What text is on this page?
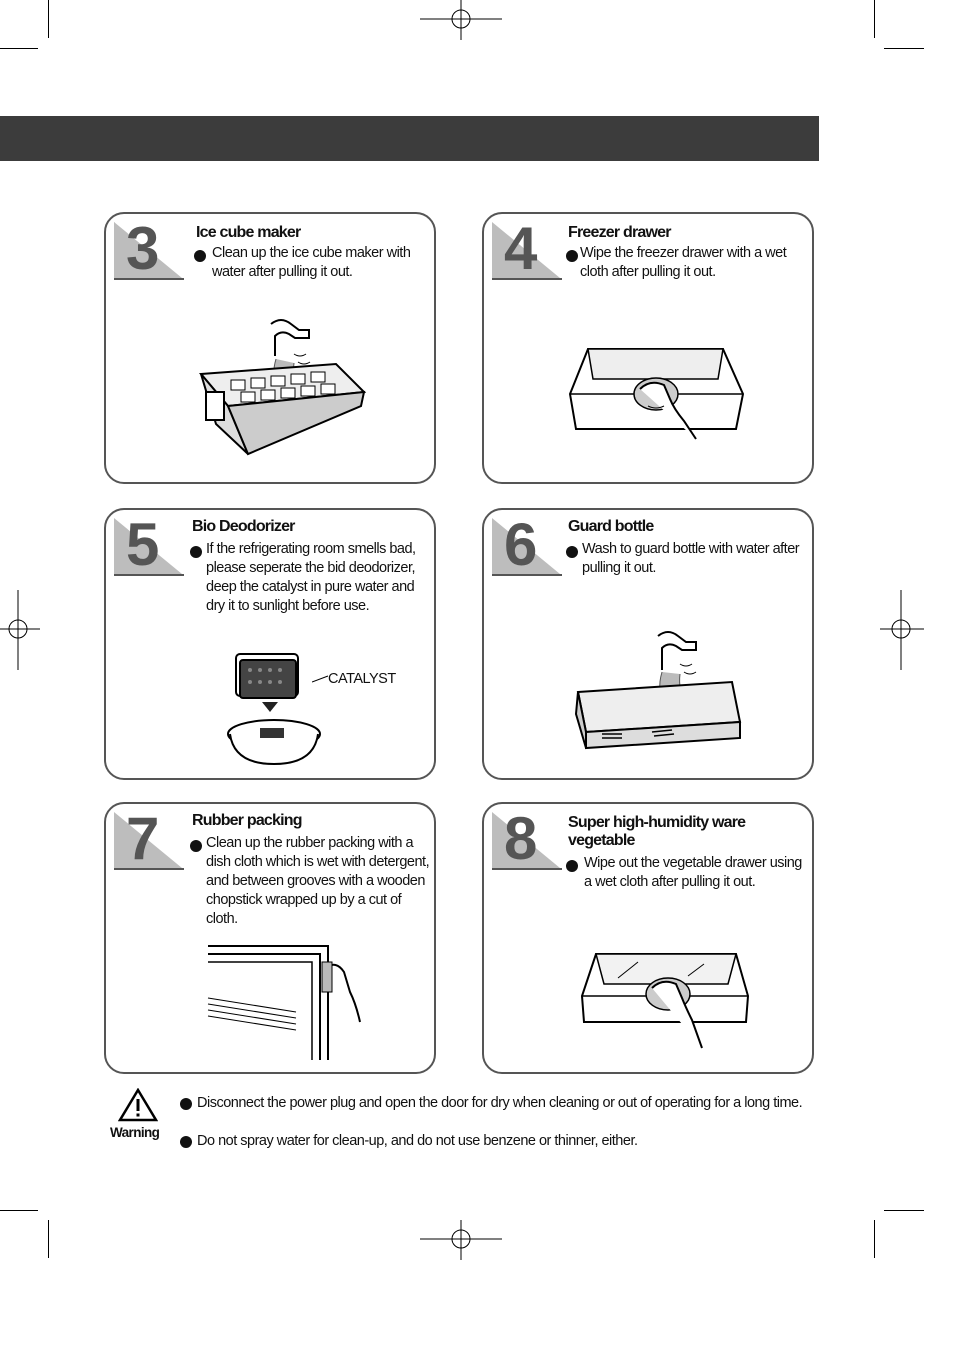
3 Ice cube maker
Clean up the ice cube maker with water after pulling it out.	4 Freezer drawer
Wipe the freezer drawer with a wet cloth after pulling it out.
5 Bio Deodorizer
If the refrigerating room smells bad, please seperate the bid deodorizer, deep the catalyst in pure water and dry it to sunlight before use.
CATALYST
6 Guard bottle
Wash to guard bottle with water after pulling it out.
7 Rubber packing
Clean up the rubber packing with a dish cloth which is wet with detergent, and between grooves with a wooden chopstick wrapped up by a cut of cloth.
8 Super high-humidity ware vegetable
Wipe out the vegetable drawer using a wet cloth after pulling it out.
Warning
Disconnect the power plug and open the door for dry when cleaning or out of operating for a long time.
Do not spray water for clean-up, and do not use benzene or thinner, either.
